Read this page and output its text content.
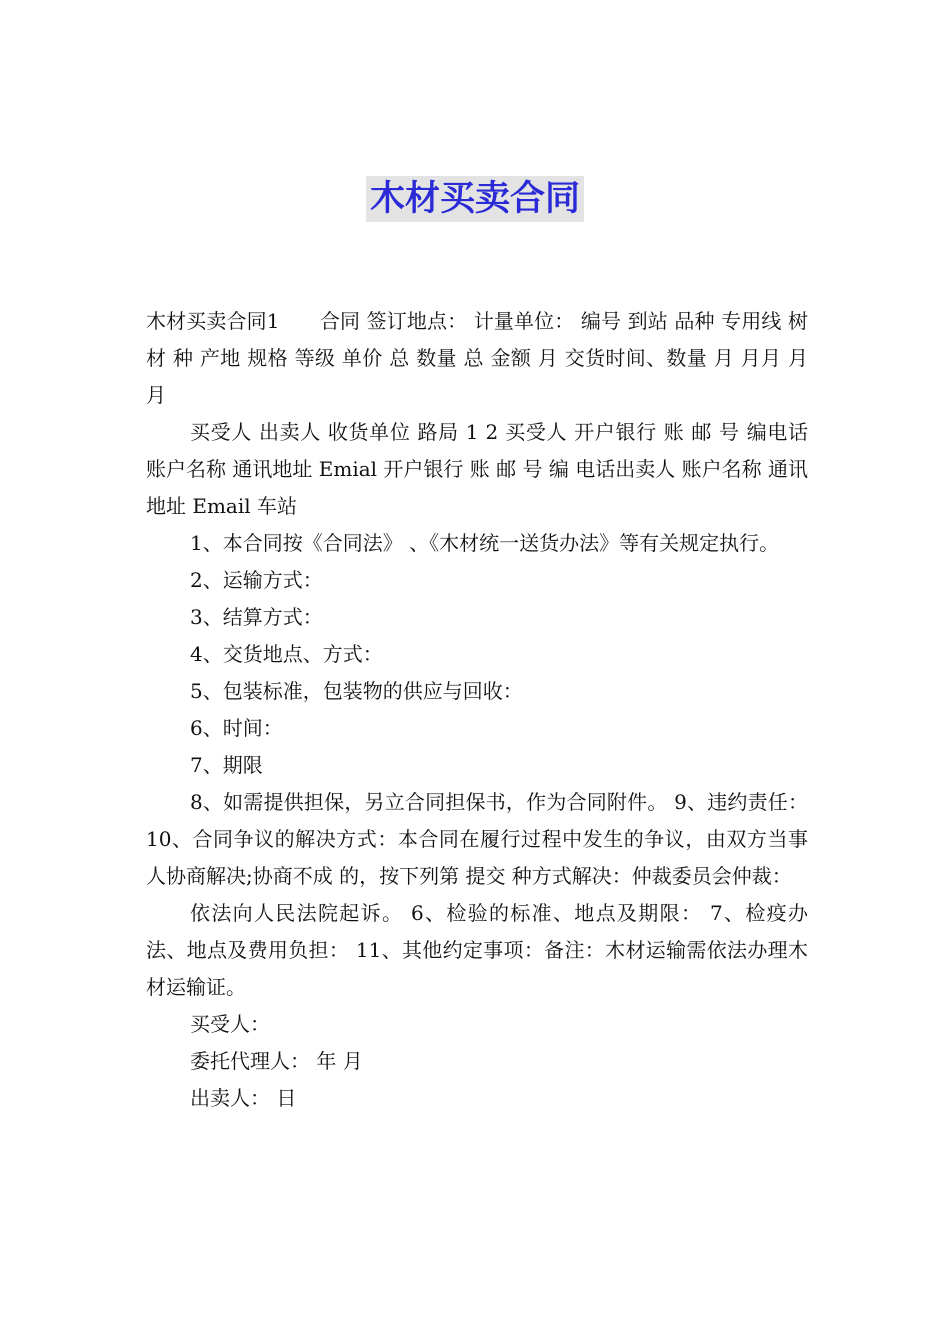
木材买卖合同

木材买卖合同1　　合同 签订地点： 计量单位： 编号 到站 品种 专用线 树材 种 产地 规格 等级 单价 总 数量 总 金额 月 交货时间、数量 月 月月 月 月

买受人 出卖人 收货单位 路局 1 2 买受人 开户银行 账 邮 号 编电话 账户名称 通讯地址 Emial 开户银行 账 邮 号 编 电话出卖人 账户名称 通讯地址 Email 车站

1、本合同按《合同法》 、《木材统一送货办法》等有关规定执行。

2、运输方式：

3、结算方式：

4、交货地点、方式：

5、包装标准，包装物的供应与回收：

6、时间：

7、期限

8、如需提供担保，另立合同担保书，作为合同附件。 9、违约责任：10、合同争议的解决方式：本合同在履行过程中发生的争议，由双方当事人协商解决;协商不成 的，按下列第 提交 种方式解决：仲裁委员会仲裁：

依法向人民法院起诉。 6、检验的标准、地点及期限： 7、检疫办法、地点及费用负担： 11、其他约定事项：备注：木材运输需依法办理木材运输证。

买受人：

委托代理人： 年 月

出卖人： 日
